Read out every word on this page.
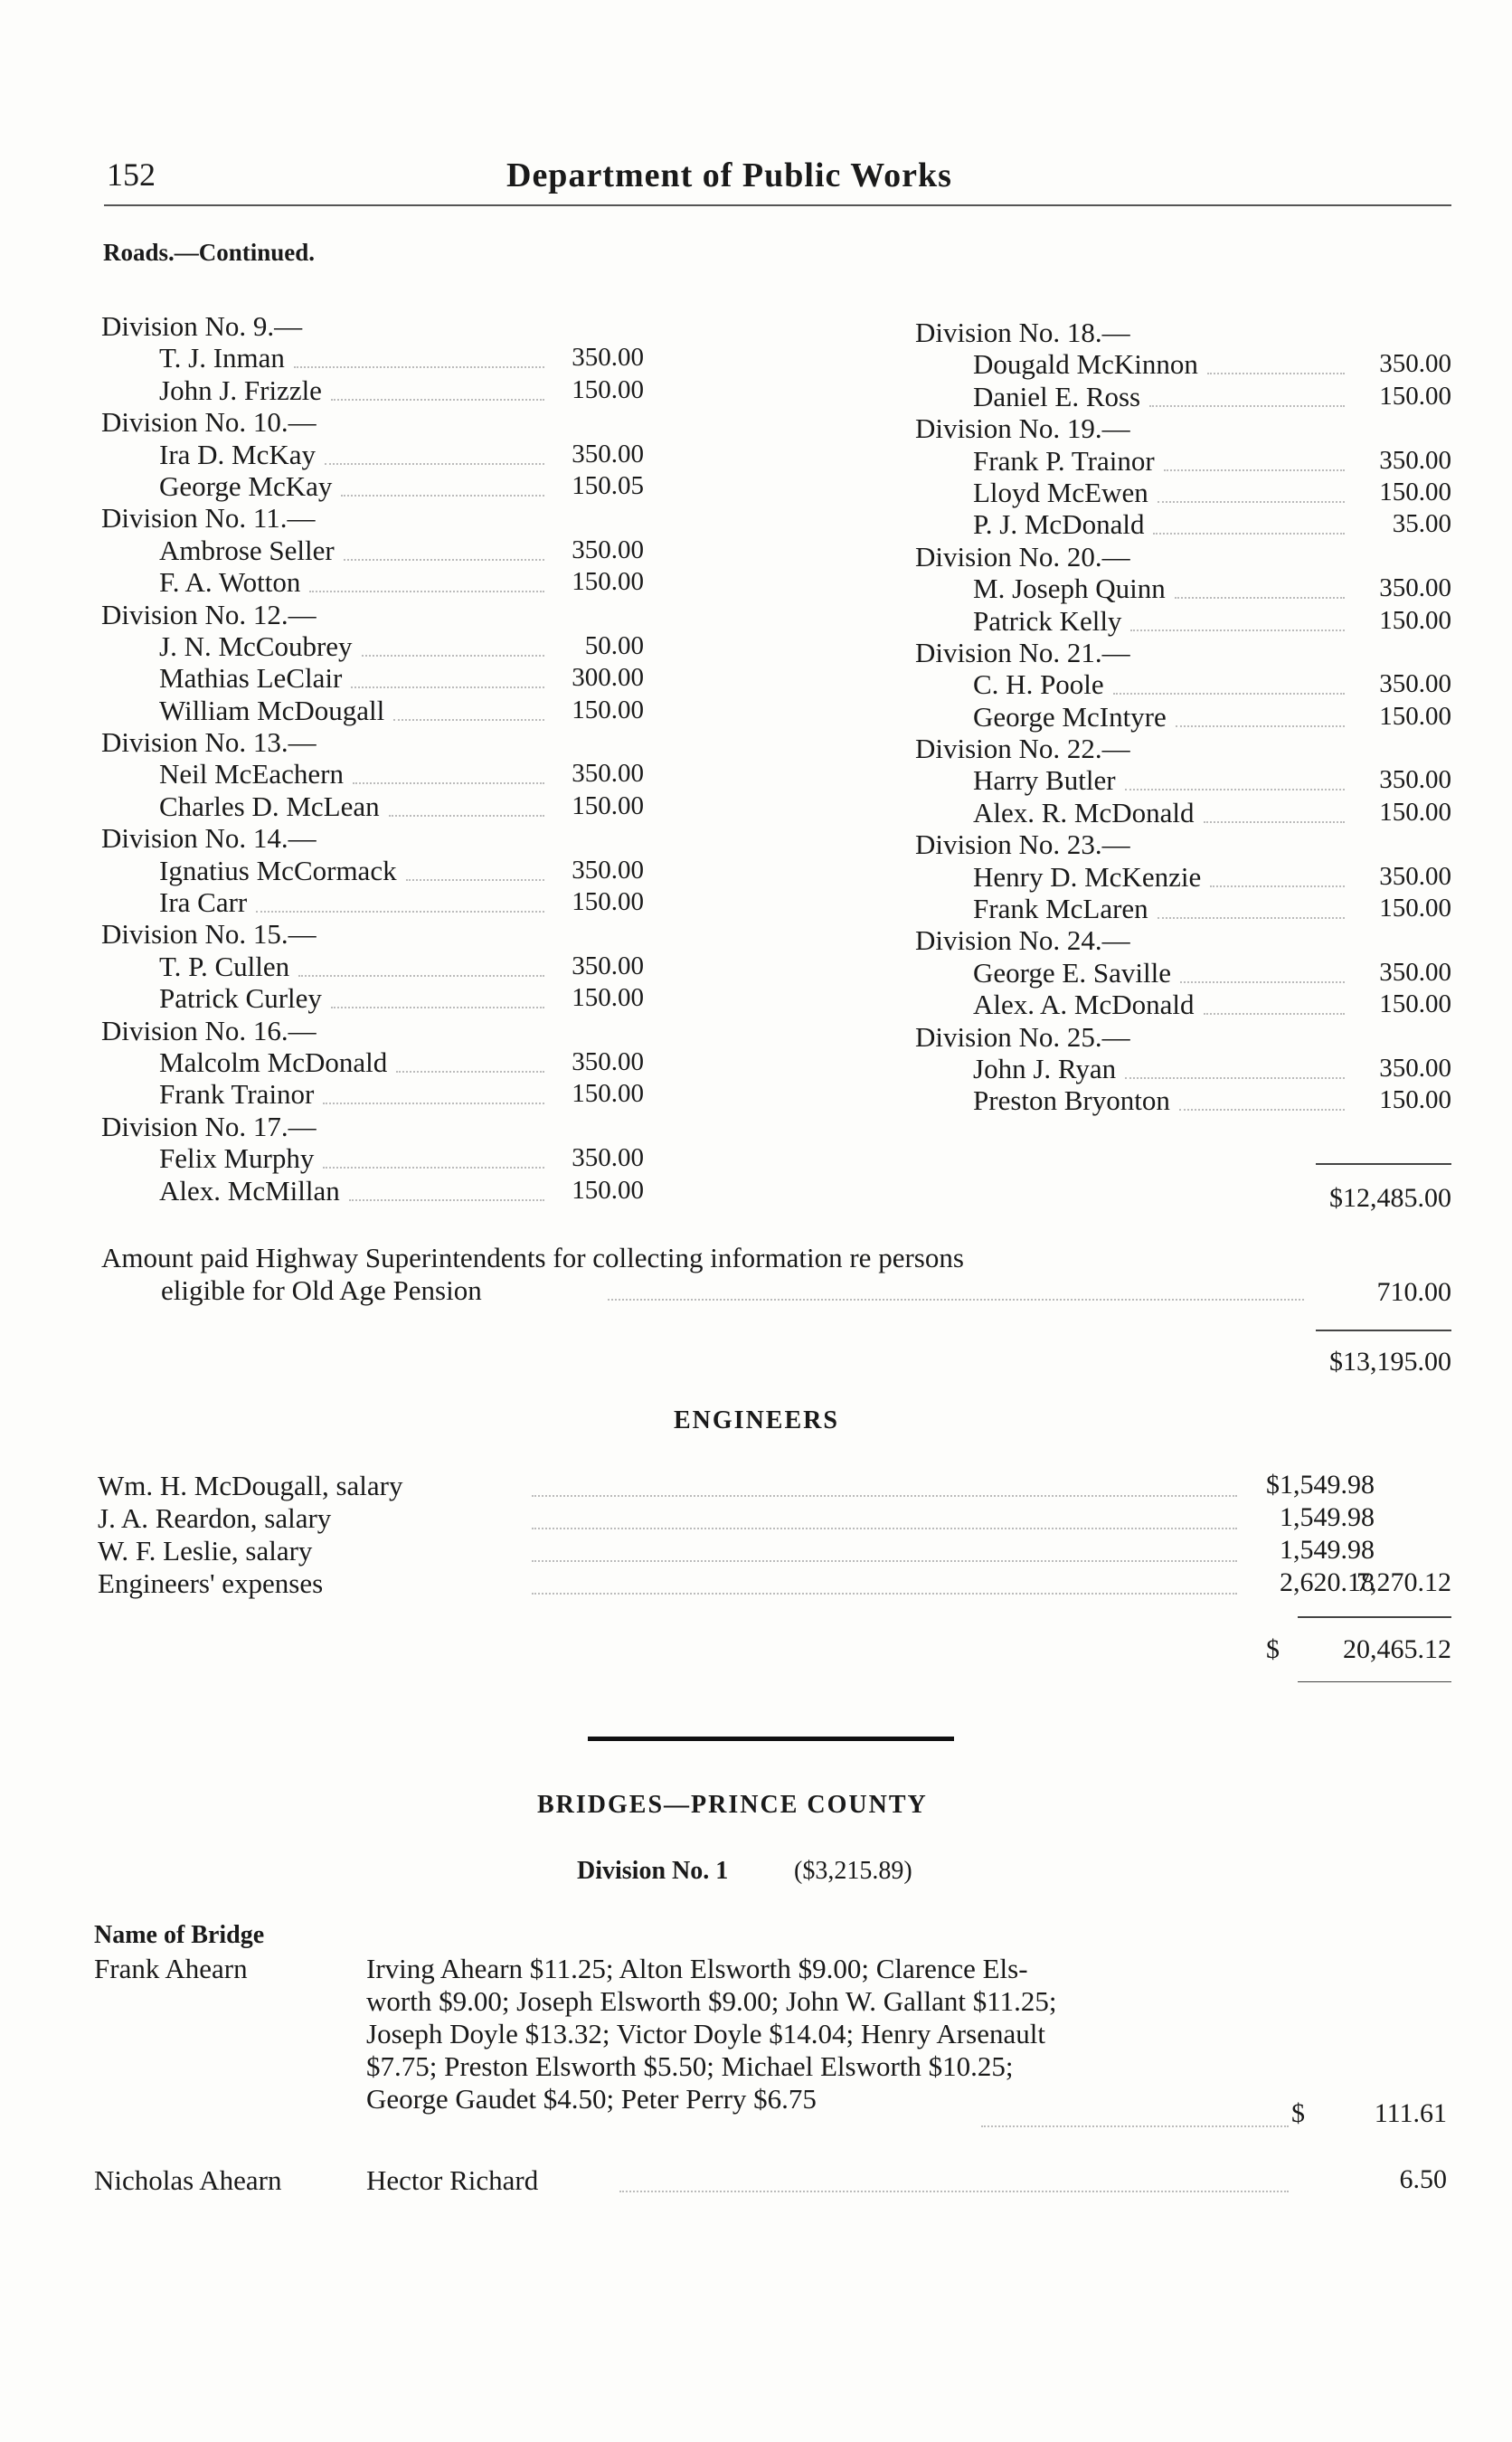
152	Department of Public Works
Roads.—Continued.
Division No. 9.—
T. J. Inman	350.00
John J. Frizzle	150.00
Division No. 10.—
Ira D. McKay	350.00
George McKay	150.05
Division No. 11.—
Ambrose Seller	350.00
F. A. Wotton	150.00
Division No. 12.—
J. N. McCoubrey	50.00
Mathias LeClair	300.00
William McDougall	150.00
Division No. 13.—
Neil McEachern	350.00
Charles D. McLean	150.00
Division No. 14.—
Ignatius McCormack	350.00
Ira Carr	150.00
Division No. 15.—
T. P. Cullen	350.00
Patrick Curley	150.00
Division No. 16.—
Malcolm McDonald	350.00
Frank Trainor	150.00
Division No. 17.—
Felix Murphy	350.00
Alex. McMillan	150.00
Division No. 18.—
Dougald McKinnon	350.00
Daniel E. Ross	150.00
Division No. 19.—
Frank P. Trainor	350.00
Lloyd McEwen	150.00
P. J. McDonald	35.00
Division No. 20.—
M. Joseph Quinn	350.00
Patrick Kelly	150.00
Division No. 21.—
C. H. Poole	350.00
George McIntyre	150.00
Division No. 22.—
Harry Butler	350.00
Alex. R. McDonald	150.00
Division No. 23.—
Henry D. McKenzie	350.00
Frank McLaren	150.00
Division No. 24.—
George E. Saville	350.00
Alex. A. McDonald	150.00
Division No. 25.—
John J. Ryan	350.00
Preston Bryonton	150.00
$12,485.00
Amount paid Highway Superintendents for collecting information re persons
eligible for Old Age Pension	710.00
$13,195.00
ENGINEERS
Wm. H. McDougall, salary	$1,549.98
J. A. Reardon, salary	1,549.98
W. F. Leslie, salary	1,549.98
Engineers' expenses	2,620.18
7,270.12
$	20,465.12
BRIDGES—PRINCE COUNTY
Division No. 1	($3,215.89)
Name of Bridge
Frank Ahearn	Irving Ahearn $11.25; Alton Elsworth $9.00; Clarence Els-
worth $9.00; Joseph Elsworth $9.00; John W. Gallant $11.25;
Joseph Doyle $13.32; Victor Doyle $14.04; Henry Arsenault
$7.75; Preston Elsworth $5.50; Michael Elsworth $10.25;
George Gaudet $4.50; Peter Perry $6.75	$	111.61
Nicholas Ahearn	Hector Richard	6.50
